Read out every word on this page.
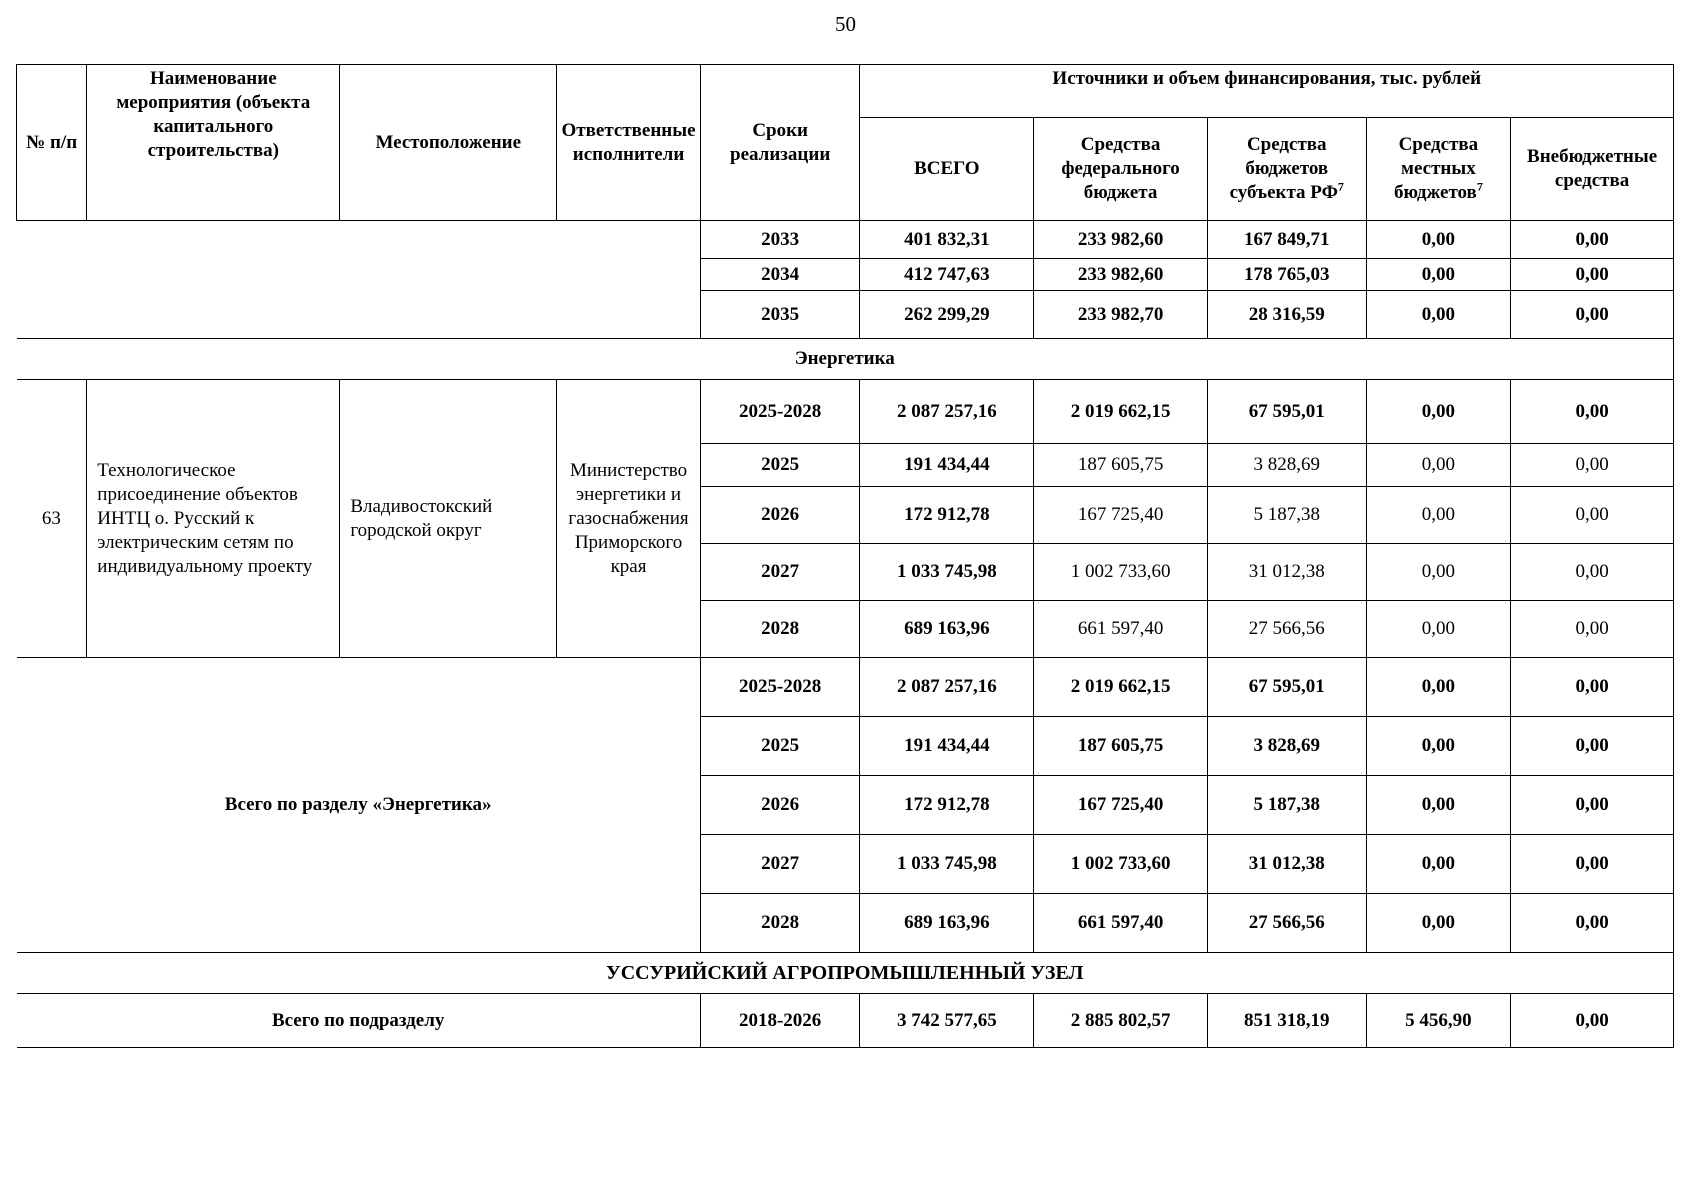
50
№ п/п	Наименование мероприятия (объекта капитального строительства)	Местоположение	Ответственные исполнители	Сроки реализации	Источники и объем финансирования, тыс. рублей				
					ВСЕГО	Средства федерального бюджета	Средства бюджетов субъекта $РФ^7$	Средства местных бюджетов$^7$	Внебюджетные средства
				2033	401 832,31	233 982,60	167 849,71	0,00	0,00
				2034	412 747,63	233 982,60	178 765,03	0,00	0,00
				2035	262 299,29	233 982,70	28 316,59	0,00	0,00
Энергетика									
63	Технологическое присоединение объектов ИНТЦ о. Русский к электрическим сетям по индивидуальному проекту	Владивостокский городской округ	Министерство энергетики и газоснабжения Приморского края	2025-2028	2 087 257,16	2 019 662,15	67 595,01	0,00	0,00
				2025	191 434,44	187 605,75	3 828,69	0,00	0,00
				2026	172 912,78	167 725,40	5 187,38	0,00	0,00
				2027	1 033 745,98	1 002 733,60	31 012,38	0,00	0,00
				2028	689 163,96	661 597,40	27 566,56	0,00	0,00
Всего по разделу «Энергетика»				2025-2028	2 087 257,16	2 019 662,15	67 595,01	0,00	0,00
				2025	191 434,44	187 605,75	3 828,69	0,00	0,00
				2026	172 912,78	167 725,40	5 187,38	0,00	0,00
				2027	1 033 745,98	1 002 733,60	31 012,38	0,00	0,00
				2028	689 163,96	661 597,40	27 566,56	0,00	0,00
УССУРИЙСКИЙ АГРОПРОМЫШЛЕННЫЙ УЗЕЛ									
Всего по подразделу				2018-2026	3 742 577,65	2 885 802,57	851 318,19	5 456,90	0,00
